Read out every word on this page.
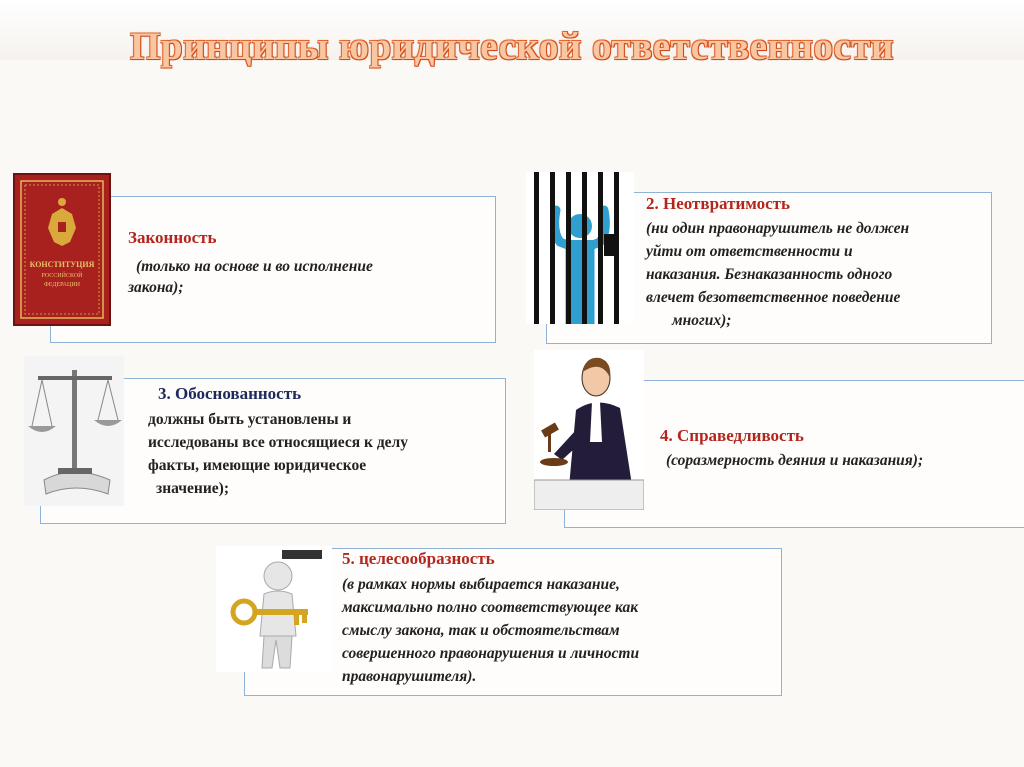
Принципы юридической ответственности
КОНСТИТУЦИЯ
РОССИЙСКОЙ
ФЕДЕРАЦИИ
Законность
(только на основе и во исполнение
закона);
2. Неотвратимость
(ни один правонарушитель не должен
уйти от ответственности и
наказания. Безнаказанность одного
влечет безответственное поведение
многих);
3. Обоснованность
должны быть установлены и
исследованы все относящиеся к делу
факты, имеющие юридическое
значение);
4. Справедливость
(соразмерность деяния и наказания);
5. целесообразность
(в рамках нормы выбирается наказание,
максимально полно соответствующее как
смыслу закона, так и обстоятельствам
совершенного правонарушения и личности
правонарушителя).
